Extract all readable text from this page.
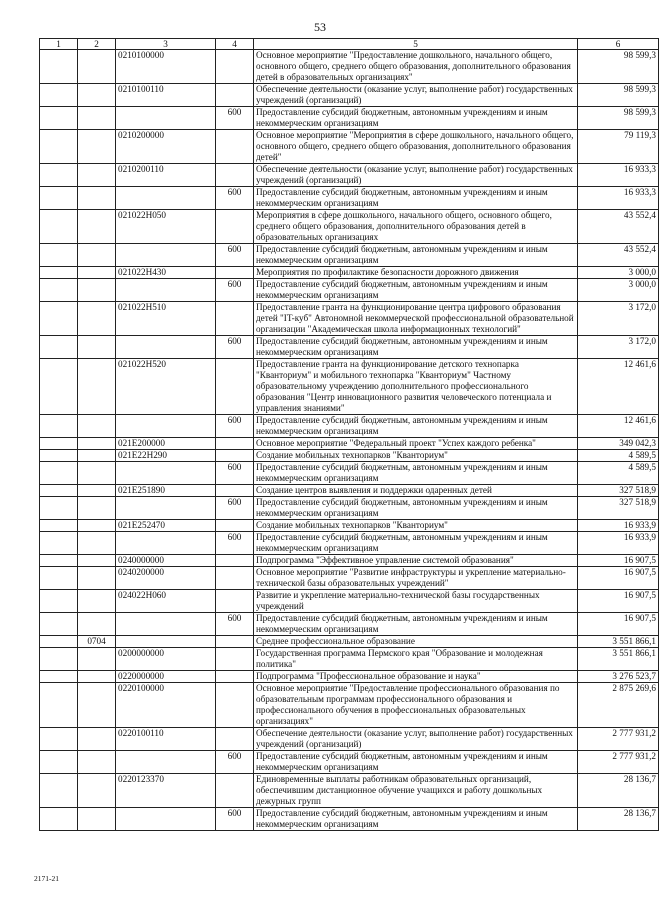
53
1	2	3	4	5	6
		0210100000		Основное мероприятие "Предоставление дошкольного, начального общего, основного общего, среднего общего образования, дополнительного образования детей в образовательных организациях"	98 599,3
		0210100110		Обеспечение деятельности (оказание услуг, выполнение работ) государственных учреждений (организаций)	98 599,3
			600	Предоставление субсидий бюджетным, автономным учреждениям и иным некоммерческим организациям	98 599,3
		0210200000		Основное мероприятие "Мероприятия в сфере дошкольного, начального общего, основного общего, среднего общего образования, дополнительного образования детей"	79 119,3
		0210200110		Обеспечение деятельности (оказание услуг, выполнение работ) государственных учреждений (организаций)	16 933,3
			600	Предоставление субсидий бюджетным, автономным учреждениям и иным некоммерческим организациям	16 933,3
		021022Н050		Мероприятия в сфере дошкольного, начального общего, основного общего, среднего общего образования, дополнительного образования детей в образовательных организациях	43 552,4
			600	Предоставление субсидий бюджетным, автономным учреждениям и иным некоммерческим организациям	43 552,4
		021022Н430		Мероприятия по профилактике безопасности дорожного движения	3 000,0
			600	Предоставление субсидий бюджетным, автономным учреждениям и иным некоммерческим организациям	3 000,0
		021022Н510		Предоставление гранта на функционирование центра цифрового образования детей "IT-куб" Автономной некоммерческой профессиональной образовательной организации "Академическая школа информационных технологий"	3 172,0
			600	Предоставление субсидий бюджетным, автономным учреждениям и иным некоммерческим организациям	3 172,0
		021022Н520		Предоставление гранта на функционирование детского технопарка "Кванториум" и мобильного технопарка "Кванториум" Частному образовательному учреждению дополнительного профессионального образования "Центр инновационного развития человеческого потенциала и управления знаниями"	12 461,6
			600	Предоставление субсидий бюджетным, автономным учреждениям и иным некоммерческим организациям	12 461,6
		021E200000		Основное мероприятие "Федеральный проект "Успех каждого ребенка"	349 042,3
		021E22Н290		Создание мобильных технопарков "Кванториум"	4 589,5
			600	Предоставление субсидий бюджетным, автономным учреждениям и иным некоммерческим организациям	4 589,5
		021E251890		Создание центров выявления и поддержки одаренных детей	327 518,9
			600	Предоставление субсидий бюджетным, автономным учреждениям и иным некоммерческим организациям	327 518,9
		021E252470		Создание мобильных технопарков "Кванториум"	16 933,9
			600	Предоставление субсидий бюджетным, автономным учреждениям и иным некоммерческим организациям	16 933,9
		0240000000		Подпрограмма "Эффективное управление системой образования"	16 907,5
		0240200000		Основное мероприятие "Развитие инфраструктуры и укрепление материально-технической базы образовательных учреждений"	16 907,5
		024022Н060		Развитие и укрепление материально-технической базы государственных учреждений	16 907,5
			600	Предоставление субсидий бюджетным, автономным учреждениям и иным некоммерческим организациям	16 907,5
	0704			Среднее профессиональное образование	3 551 866,1
		0200000000		Государственная программа Пермского края "Образование и молодежная политика"	3 551 866,1
		0220000000		Подпрограмма "Профессиональное образование и наука"	3 276 523,7
		0220100000		Основное мероприятие "Предоставление профессионального образования по образовательным программам профессионального образования и профессионального обучения в профессиональных образовательных организациях"	2 875 269,6
		0220100110		Обеспечение деятельности (оказание услуг, выполнение работ) государственных учреждений (организаций)	2 777 931,2
			600	Предоставление субсидий бюджетным, автономным учреждениям и иным некоммерческим организациям	2 777 931,2
		0220123370		Единовременные выплаты работникам образовательных организаций, обеспечившим дистанционное обучение учащихся и работу дошкольных дежурных групп	28 136,7
			600	Предоставление субсидий бюджетным, автономным учреждениям и иным некоммерческим организациям	28 136,7
2171-21
